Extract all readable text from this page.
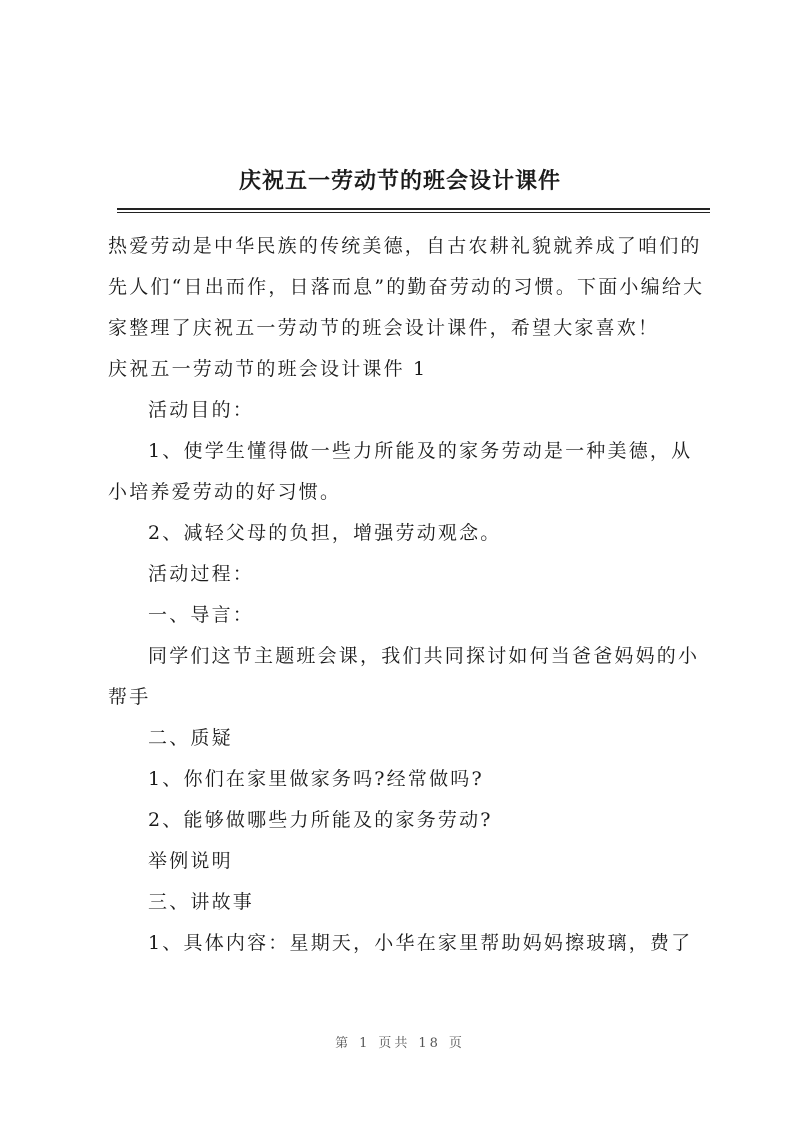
庆祝五一劳动节的班会设计课件

热爱劳动是中华民族的传统美德，自古农耕礼貌就养成了咱们的先人们“日出而作，日落而息”的勤奋劳动的习惯。下面小编给大家整理了庆祝五一劳动节的班会设计课件，希望大家喜欢！

庆祝五一劳动节的班会设计课件 1

活动目的：

1、使学生懂得做一些力所能及的家务劳动是一种美德，从小培养爱劳动的好习惯。

2、减轻父母的负担，增强劳动观念。

活动过程：

一、导言：

同学们这节主题班会课，我们共同探讨如何当爸爸妈妈的小帮手

二、质疑

1、你们在家里做家务吗?经常做吗?

2、能够做哪些力所能及的家务劳动?

举例说明

三、讲故事

1、具体内容：星期天，小华在家里帮助妈妈擦玻璃，费了

第 1 页共 18 页
